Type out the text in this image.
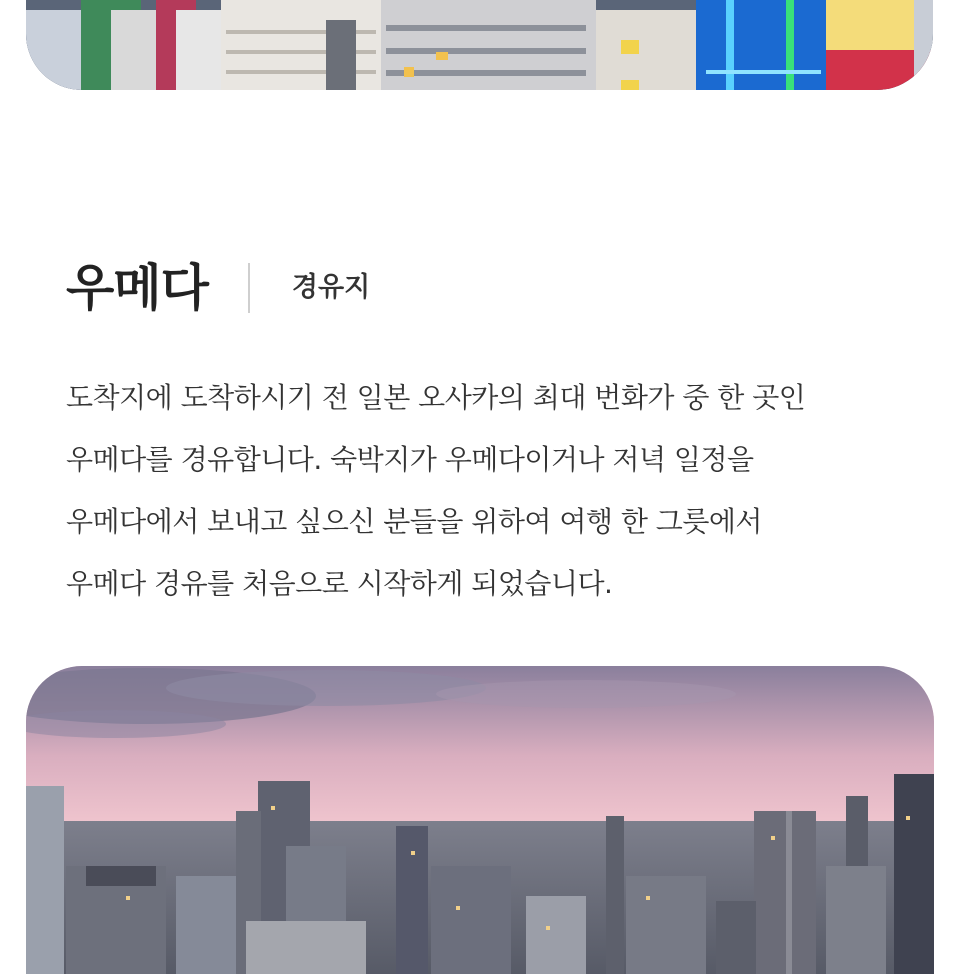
우메다	경유지
도착지에 도착하시기 전 일본 오사카의 최대 번화가 중 한 곳인
우메다를 경유합니다. 숙박지가 우메다이거나 저녁 일정을
우메다에서 보내고 싶으신 분들을 위하여 여행 한 그릇에서
우메다 경유를 처음으로 시작하게 되었습니다.
